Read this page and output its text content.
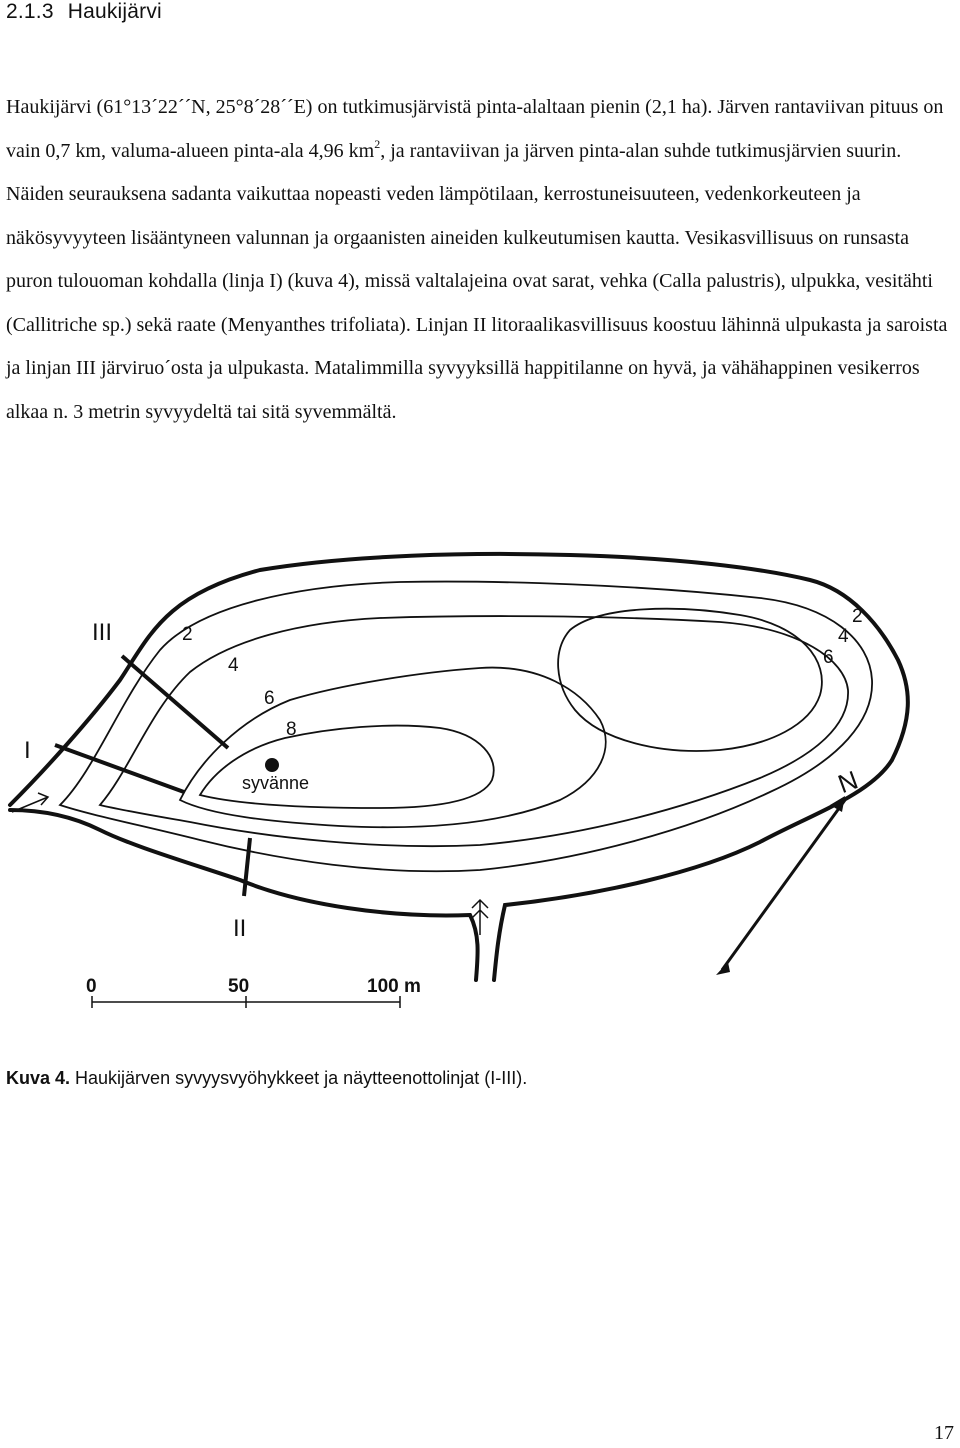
2.1.3 Haukijärvi

Haukijärvi (61°13´22´´N, 25°8´28´´E) on tutkimusjärvistä pinta-alaltaan pienin (2,1 ha). Järven rantaviivan pituus on vain 0,7 km, valuma-alueen pinta-ala 4,96 $km^2$, ja rantaviivan ja järven pinta-alan suhde tutkimusjärvien suurin. Näiden seurauksena sadanta vaikuttaa nopeasti veden lämpötilaan, kerrostuneisuuteen, vedenkorkeuteen ja näkösyvyyteen lisääntyneen valunnan ja orgaanisten aineiden kulkeutumisen kautta. Vesikasvillisuus on runsasta puron tulouoman kohdalla (linja I) (kuva 4), missä valtalajeina ovat sarat, vehka (Calla palustris), ulpukka, vesitähti (Callitriche sp.) sekä raate (Menyanthes trifoliata). Linjan II litoraalikasvillisuus koostuu lähinnä ulpukasta ja saroista ja linjan III järviruo´osta ja ulpukasta. Matalimmilla syvyyksillä happitilanne on hyvä, ja vähähappinen vesikerros alkaa n. 3 metrin syvyydeltä tai sitä syvemmältä.

III
I
II
2
4
6
8
2
4
6
syvänne	N
0	50	100 m

Kuva 4. Haukijärven syvyysvyöhykkeet ja näytteenottolinjat (I-III).

17
